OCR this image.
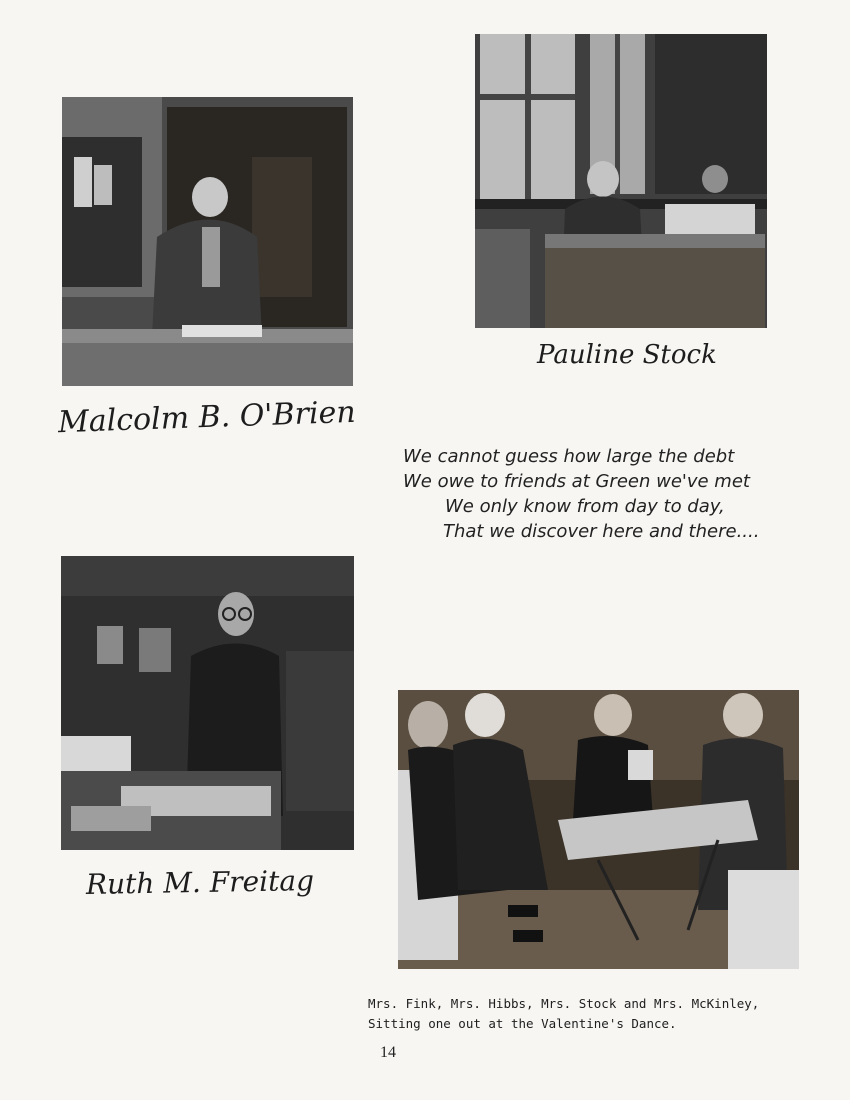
Malcolm B. O'Brien
Pauline Stock
Ruth M. Freitag
We cannot guess how large the debt
We owe to friends at Green we've met
We only know from day to day,
That we discover here and there....
Mrs. Fink, Mrs. Hibbs, Mrs. Stock and Mrs. McKinley,
Sitting one out at the Valentine's Dance.
14
